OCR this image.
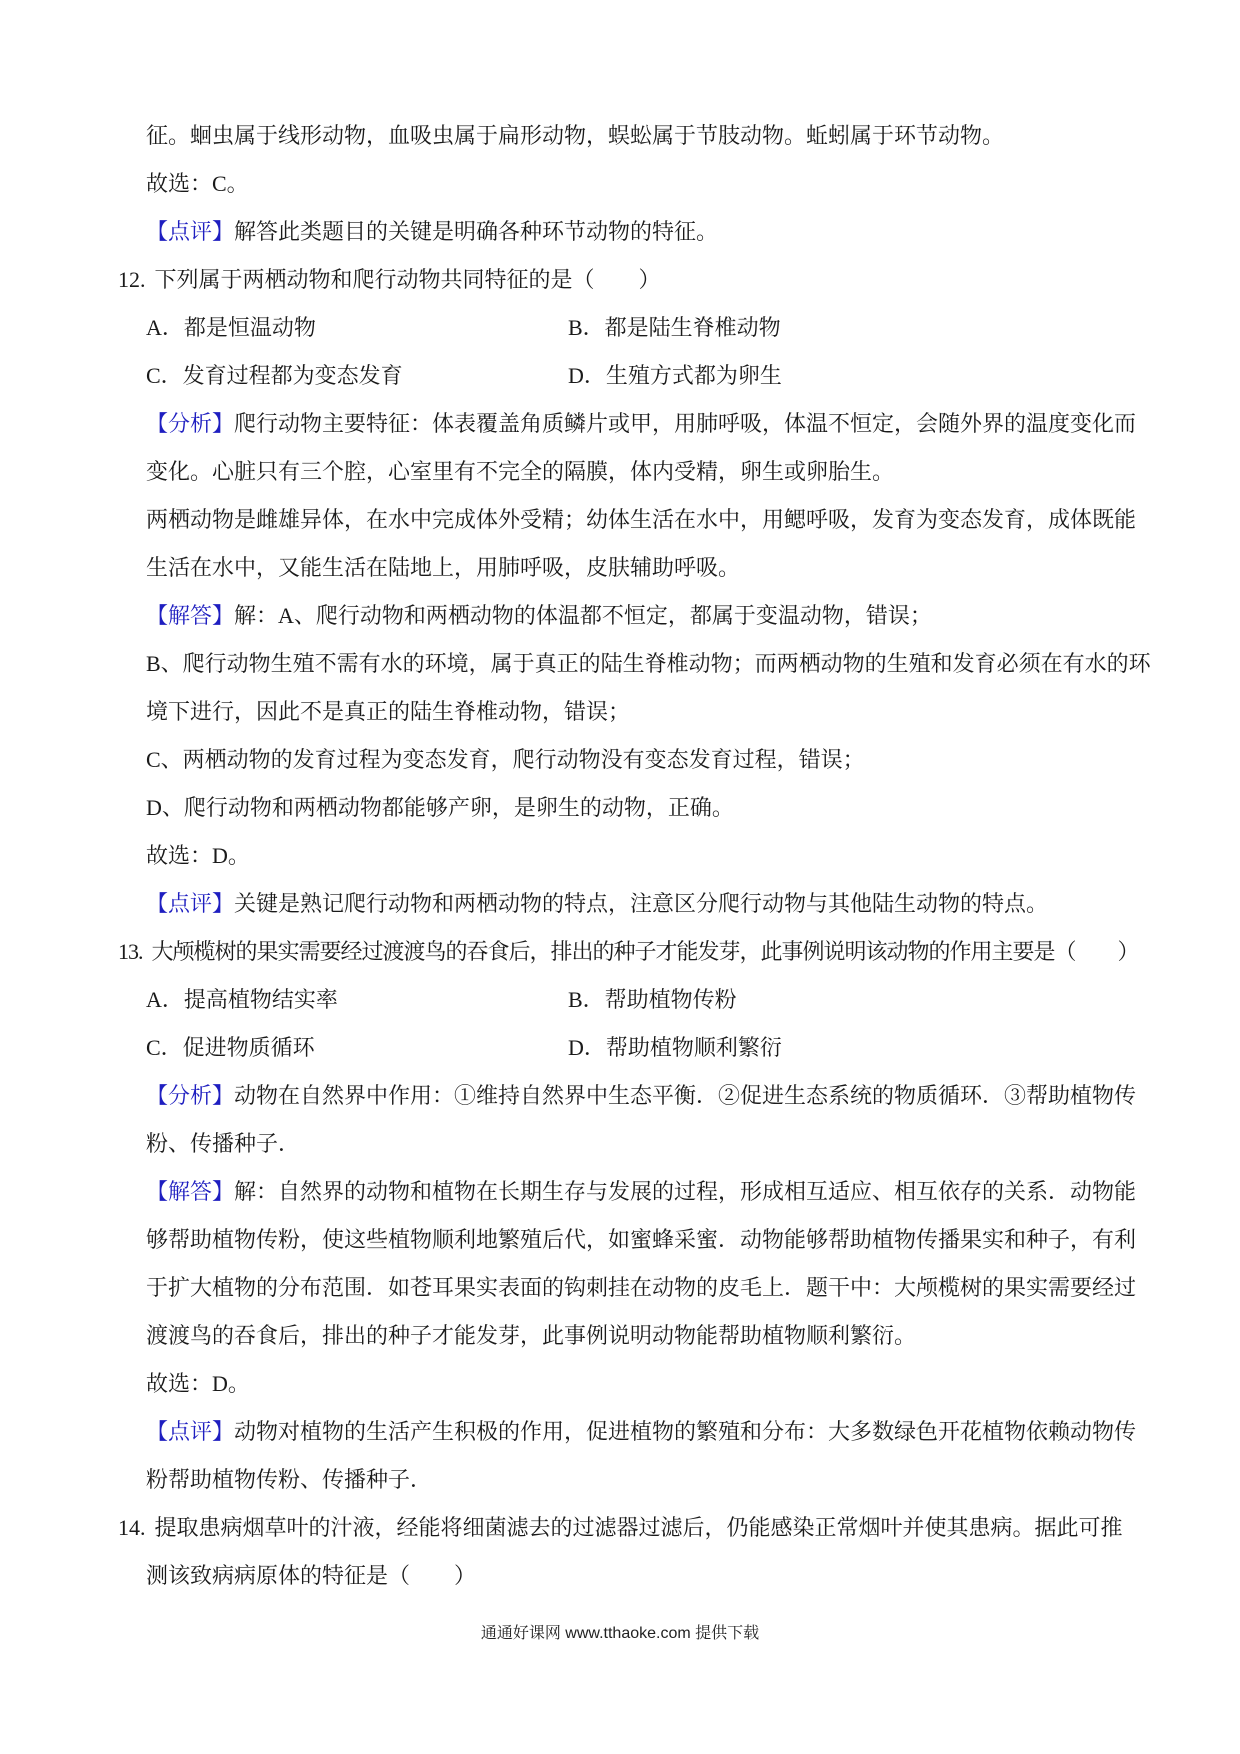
征。蛔虫属于线形动物，血吸虫属于扁形动物，蜈蚣属于节肢动物。蚯蚓属于环节动物。
故选：C。
【点评】解答此类题目的关键是明确各种环节动物的特征。
12. 下列属于两栖动物和爬行动物共同特征的是（　　）
A．都是恒温动物	B．都是陆生脊椎动物
C．发育过程都为变态发育	D．生殖方式都为卵生
【分析】爬行动物主要特征：体表覆盖角质鳞片或甲，用肺呼吸，体温不恒定，会随外界的温度变化而
变化。心脏只有三个腔，心室里有不完全的隔膜，体内受精，卵生或卵胎生。
两栖动物是雌雄异体，在水中完成体外受精；幼体生活在水中，用鳃呼吸，发育为变态发育，成体既能
生活在水中，又能生活在陆地上，用肺呼吸，皮肤辅助呼吸。
【解答】解：A、爬行动物和两栖动物的体温都不恒定，都属于变温动物，错误；
B、爬行动物生殖不需有水的环境，属于真正的陆生脊椎动物；而两栖动物的生殖和发育必须在有水的环
境下进行，因此不是真正的陆生脊椎动物，错误；
C、两栖动物的发育过程为变态发育，爬行动物没有变态发育过程，错误；
D、爬行动物和两栖动物都能够产卵，是卵生的动物，正确。
故选：D。
【点评】关键是熟记爬行动物和两栖动物的特点，注意区分爬行动物与其他陆生动物的特点。
13. 大颅榄树的果实需要经过渡渡鸟的吞食后，排出的种子才能发芽，此事例说明该动物的作用主要是（　　）
A．提高植物结实率	B．帮助植物传粉
C．促进物质循环	D．帮助植物顺利繁衍
【分析】动物在自然界中作用：①维持自然界中生态平衡．②促进生态系统的物质循环．③帮助植物传
粉、传播种子．
【解答】解：自然界的动物和植物在长期生存与发展的过程，形成相互适应、相互依存的关系．动物能
够帮助植物传粉，使这些植物顺利地繁殖后代，如蜜蜂采蜜．动物能够帮助植物传播果实和种子，有利
于扩大植物的分布范围．如苍耳果实表面的钩刺挂在动物的皮毛上．题干中：大颅榄树的果实需要经过
渡渡鸟的吞食后，排出的种子才能发芽，此事例说明动物能帮助植物顺利繁衍。
故选：D。
【点评】动物对植物的生活产生积极的作用，促进植物的繁殖和分布：大多数绿色开花植物依赖动物传
粉帮助植物传粉、传播种子．
14. 提取患病烟草叶的汁液，经能将细菌滤去的过滤器过滤后，仍能感染正常烟叶并使其患病。据此可推
测该致病病原体的特征是（　　）
通通好课网 www.tthaoke.com 提供下载
